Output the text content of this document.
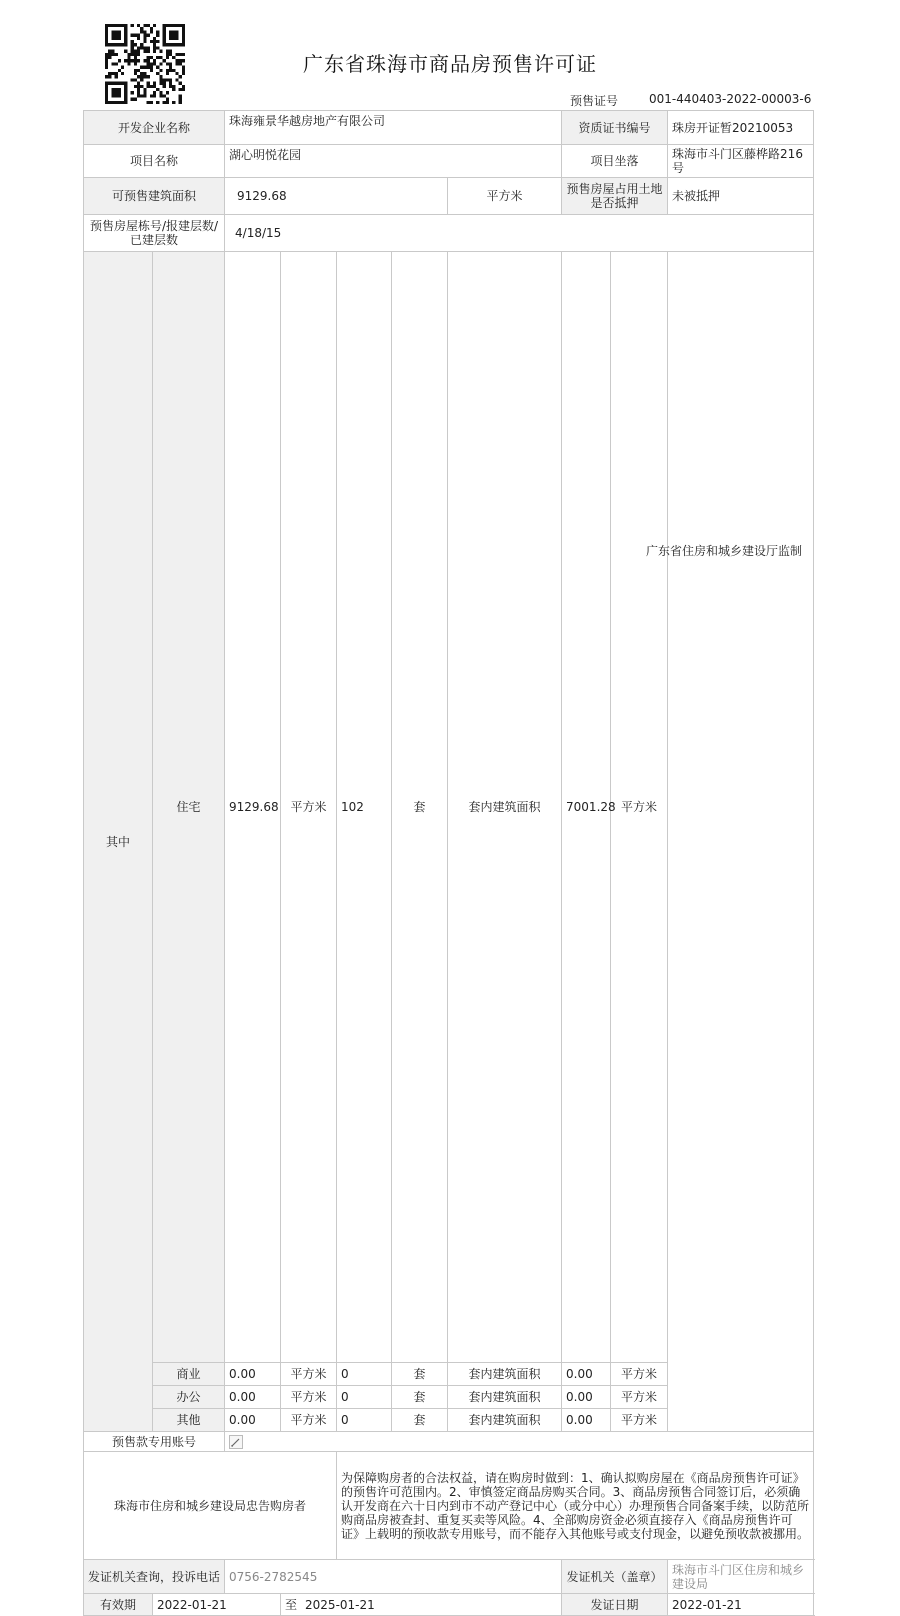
广东省珠海市商品房预售许可证
预售证号	001-440403-2022-00003-6
开发企业名称		珠海雍景华越房地产有限公司					资质证书编号		珠房开证暂20210053	
项目名称		湖心明悦花园					项目坐落		珠海市斗门区藤桦路216号	
可预售建筑面积		9129.68				平方米	预售房屋占用土地是否抵押		未被抵押	
预售房屋栋号/报建层数/已建层数		4/18/15								
其中	住宅	9129.68	平方米	102	套	套内建筑面积	7001.28	平方米		
	商业	0.00	平方米	0	套	套内建筑面积	0.00	平方米		
	办公	0.00	平方米	0	套	套内建筑面积	0.00	平方米		
	其他	0.00	平方米	0	套	套内建筑面积	0.00	平方米		
预售款专用账号	

珠海市住房和城乡建设局忠告购房者				为保障购房者的合法权益，请在购房时做到：1、确认拟购房屋在《商品房预售许可证》的预售许可范围内。2、审慎签定商品房购买合同。3、商品房预售合同签订后，必须确认开发商在六十日内到市不动产登记中心（或分中心）办理预售合同备案手续，以防范所购商品房被查封、重复买卖等风险。4、全部购房资金必须直接存入《商品房预售许可证》上载明的预收款专用账号，而不能存入其他账号或支付现金，以避免预收款被挪用。						
发证机关查询，投诉电话		0756-2782545					发证机关（盖章）		珠海市斗门区住房和城乡建设局	
有效期	2022-01-21		至 2025-01-21				发证日期		2022-01-21	
广东省住房和城乡建设厅监制
